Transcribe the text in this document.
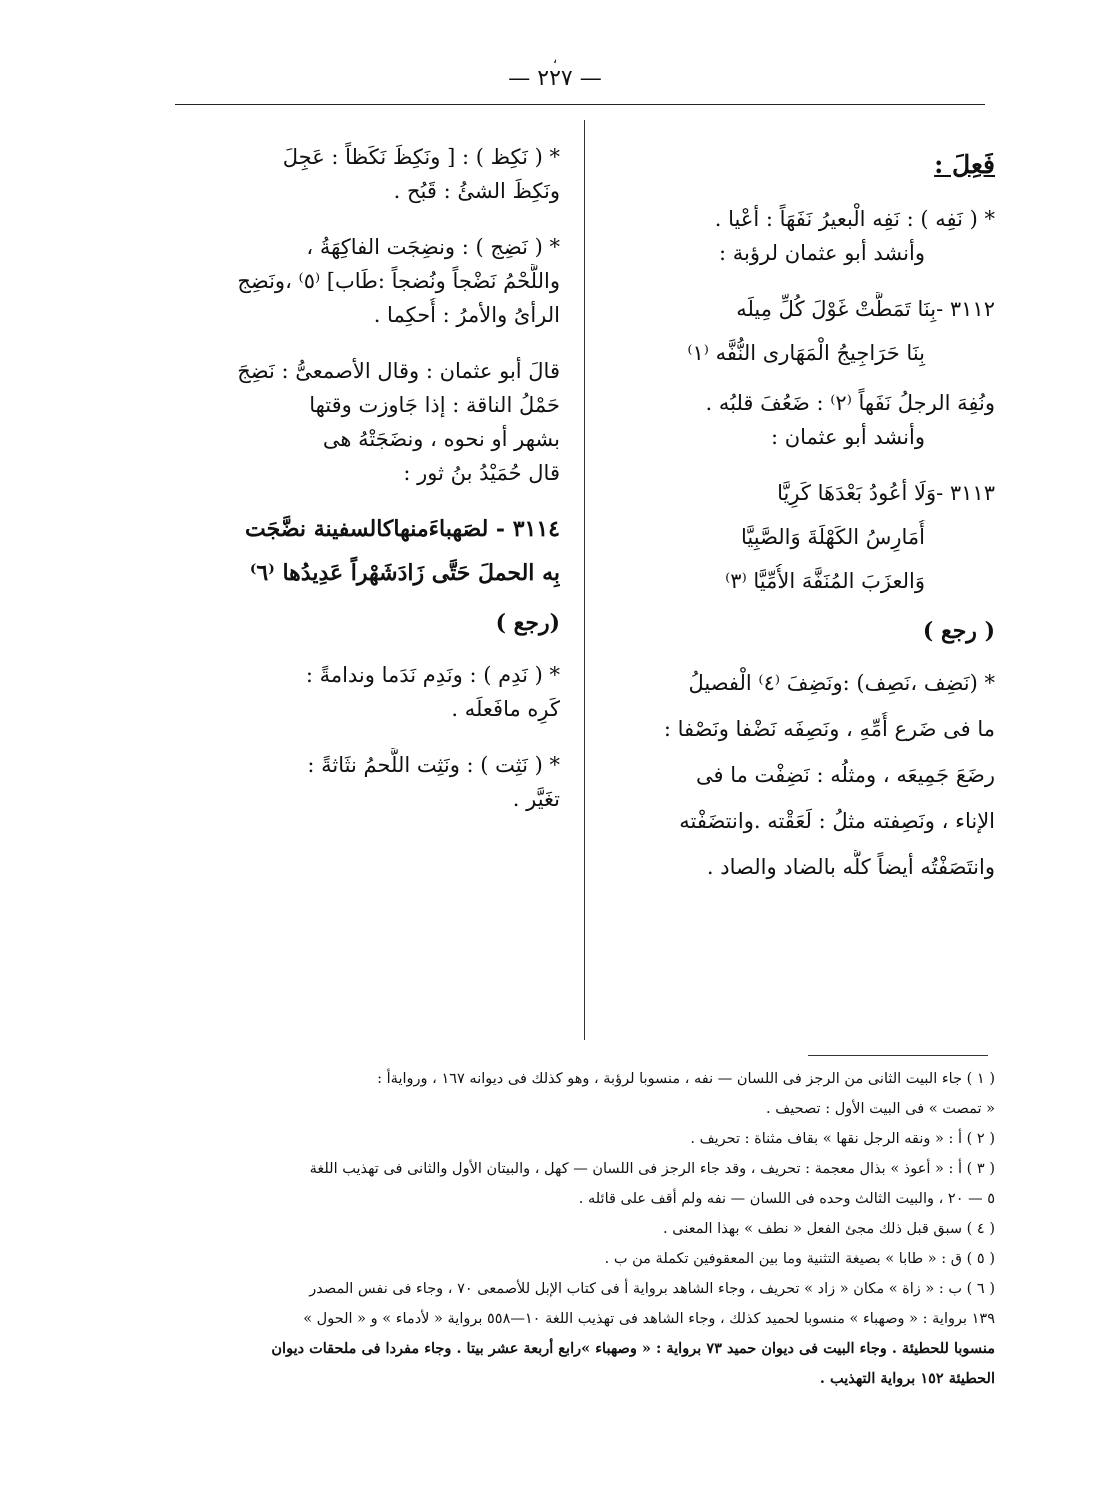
،
— ٢٢٧ —
فَعِلَ :
* ( نَفِه ) : نَفِه الْبعيرُ نَفَهَاً : أعْيا .
وأنشد أبو عثمان لرؤبة :
٣١١٢ -بِنَا تَمَطَّتْ غَوْلَ كُلِّ مِيلَه
بِنَا حَرَاجِيجُ الْمَهَارى النُّفَّه ⁽١⁾
ونُفِهَ الرجلُ نَفَهاً ⁽٢⁾ : ضَعُفَ قلبُه .
وأنشد أبو عثمان :
٣١١٣ -وَلَا أعُودُ بَعْدَهَا كَرِيَّا
أُمَارِسُ الكَهْلَةَ وَالصَّبِيَّا
وَالعزَبَ المُنَفَّهَ الأُمِّيَّا ⁽٣⁾
( رجع )
* (نَضِف ،نَصِف) :ونَضِفَ ⁽٤⁾ الْفصيلُ
ما فى ضَرع أُمِّهِ ، ونَصِفَه نَضْفا ونَصْفا :
رضَعَ جَمِيعَه ، ومثلُه : نَضِفْت ما فى
الإناء ، ونَصِفته مثلُ : لَعَقْته .وانتضَفْته
وانتَصَفْتُه أيضاً كلُّه بالضاد والصاد .
* ( نَكِظ ) : [ ونَكِظَ نَكَظاً : عَجِلَ
ونَكِظَ الشئُ : قَبُح .
* ( نَضِج ) : ونضِجَت الفاكِهَةُ ،
واللَّحْمُ نَضْجاً ونُضجاً :طَاب] ⁽٥⁾ ،ونَضِج
الرأىُ والأمرُ : أُحكِما .
قالَ أبو عثمان : وقال الأصمعىُّ : نَضِجَ
حَمْلُ الناقة : إذا جَاوزت وقتها
بشهر أو نحوه ، ونضَجَتْهُ هى
قال حُمَيْدُ بنُ ثور :
٣١١٤ - لصَهباءَمنهاكالسفينة نضَّجَت
بِه الحملَ حَتَّى زَادَشَهْراً عَدِيدُها ⁽٦⁾
(رجع )
* ( نَدِم ) : ونَدِم نَدَما وندامةً :
كَرِه مافَعلَه .
* ( نَثِت ) : ونَثِت اللَّحمُ نثَاثةً :
تغَيَّر .
( ١ ) جاء البيت الثانى من الرجز فى اللسان — نفه ، منسوبا لرؤبة ، وهو كذلك فى ديوانه ١٦٧ ، وروايةأ :
« تمصت » فى البيت الأول : تصحيف .
( ٢ ) أ : « ونقه الرجل نقها » بقاف مثناة : تحريف .
( ٣ ) أ : « أعوذ » بذال معجمة : تحريف ، وقد جاء الرجز فى اللسان — كهل ، والبيتان الأول والثانى فى تهذيب اللغة
٥ — ٢٠ ، والبيت الثالث وحده فى اللسان — نفه ولم أقف على قائله .
( ٤ ) سبق قبل ذلك مجئ الفعل « نطف » بهذا المعنى .
( ٥ ) ق : « طابا » بصيغة التثنية وما بين المعقوفين تكملة من ب .
( ٦ ) ب : « زاة » مكان « زاد » تحريف ، وجاء الشاهد برواية أ فى كتاب الإبل للأصمعى ٧٠ ، وجاء فى نفس المصدر
١٣٩ برواية : « وصهباء » منسوبا لحميد كذلك ، وجاء الشاهد فى تهذيب اللغة ١٠—٥٥٨ برواية « لأدماء » و « الحول »
منسوبا للحطيئة . وجاء البيت فى ديوان حميد ٧٣ برواية : « وصهباء »رابع أربعة عشر بيتا . وجاء مفردا فى ملحقات ديوان
الحطيئة ١٥٢ برواية التهذيب .
